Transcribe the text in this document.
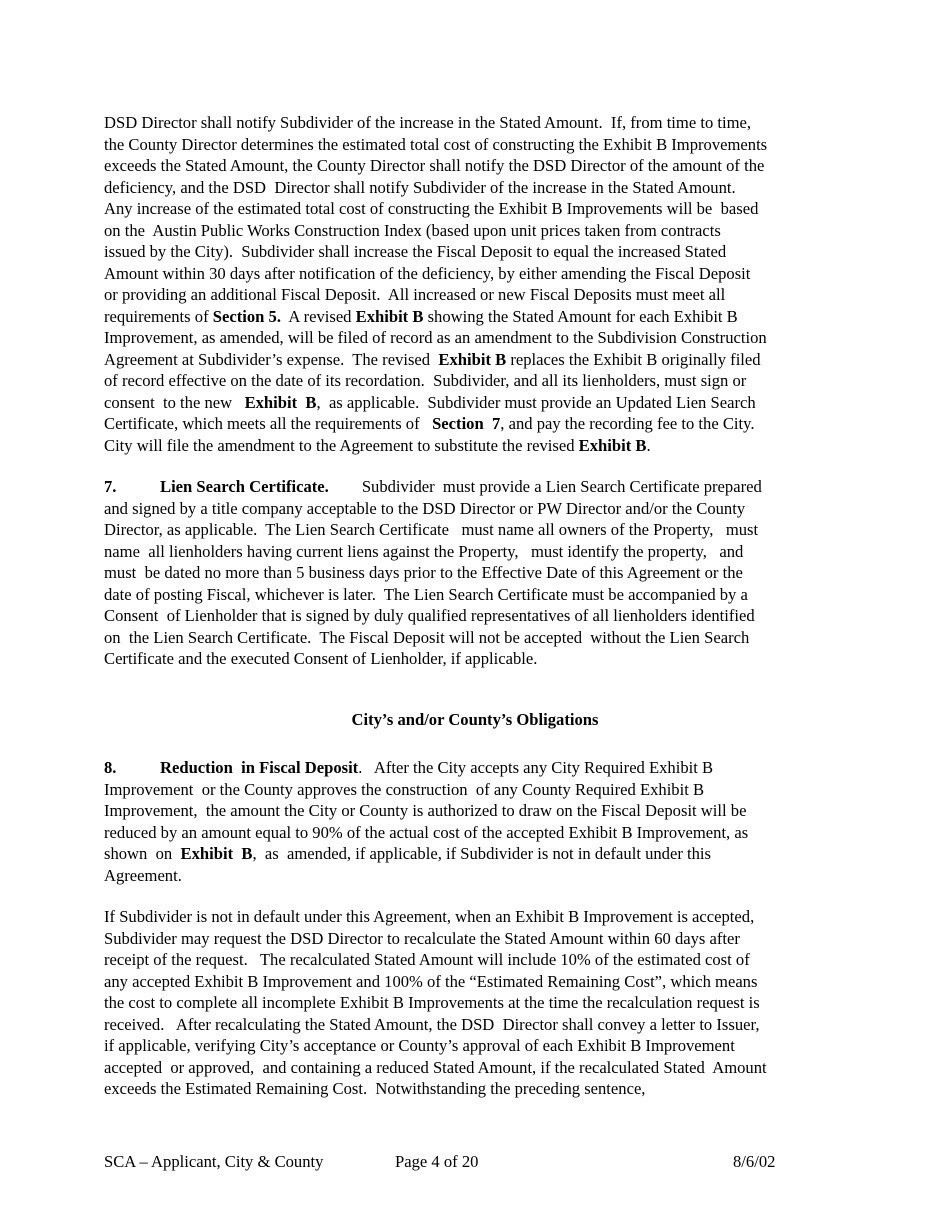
DSD Director shall notify Subdivider of the increase in the Stated Amount.  If, from time to time,
the County Director determines the estimated total cost of constructing the Exhibit B Improvements
exceeds the Stated Amount, the County Director shall notify the DSD Director of the amount of the
deficiency, and the DSD  Director shall notify Subdivider of the increase in the Stated Amount.
Any increase of the estimated total cost of constructing the Exhibit B Improvements will be  based
on the  Austin Public Works Construction Index (based upon unit prices taken from contracts
issued by the City).  Subdivider shall increase the Fiscal Deposit to equal the increased Stated
Amount within 30 days after notification of the deficiency, by either amending the Fiscal Deposit
or providing an additional Fiscal Deposit.  All increased or new Fiscal Deposits must meet all
requirements of Section 5.  A revised Exhibit B showing the Stated Amount for each Exhibit B
Improvement, as amended, will be filed of record as an amendment to the Subdivision Construction
Agreement at Subdivider’s expense.  The revised  Exhibit B replaces the Exhibit B originally filed
of record effective on the date of its recordation.  Subdivider, and all its lienholders, must sign or
consent  to the new   Exhibit  B,  as applicable.  Subdivider must provide an Updated Lien Search
Certificate, which meets all the requirements of   Section  7, and pay the recording fee to the City.
City will file the amendment to the Agreement to substitute the revised Exhibit B.
7.	Lien Search Certificate. Subdivider  must provide a Lien Search Certificate prepared
and signed by a title company acceptable to the DSD Director or PW Director and/or the County
Director, as applicable.  The Lien Search Certificate   must name all owners of the Property,   must
name  all lienholders having current liens against the Property,   must identify the property,   and
must  be dated no more than 5 business days prior to the Effective Date of this Agreement or the
date of posting Fiscal, whichever is later.  The Lien Search Certificate must be accompanied by a
Consent  of Lienholder that is signed by duly qualified representatives of all lienholders identified
on  the Lien Search Certificate.  The Fiscal Deposit will not be accepted  without the Lien Search
Certificate and the executed Consent of Lienholder, if applicable.
City’s and/or County’s Obligations
8.	Reduction  in Fiscal Deposit.   After the City accepts any City Required Exhibit B
Improvement  or the County approves the construction  of any County Required Exhibit B
Improvement,  the amount the City or County is authorized to draw on the Fiscal Deposit will be
reduced by an amount equal to 90% of the actual cost of the accepted Exhibit B Improvement, as
shown  on  Exhibit  B,  as  amended, if applicable, if Subdivider is not in default under this
Agreement.
If Subdivider is not in default under this Agreement, when an Exhibit B Improvement is accepted,
Subdivider may request the DSD Director to recalculate the Stated Amount within 60 days after
receipt of the request.   The recalculated Stated Amount will include 10% of the estimated cost of
any accepted Exhibit B Improvement and 100% of the “Estimated Remaining Cost”, which means
the cost to complete all incomplete Exhibit B Improvements at the time the recalculation request is
received.   After recalculating the Stated Amount, the DSD  Director shall convey a letter to Issuer,
if applicable, verifying City’s acceptance or County’s approval of each Exhibit B Improvement
accepted  or approved,  and containing a reduced Stated Amount, if the recalculated Stated  Amount
exceeds the Estimated Remaining Cost.  Notwithstanding the preceding sentence,
SCA – Applicant, City & County	Page 4 of 20	8/6/02
